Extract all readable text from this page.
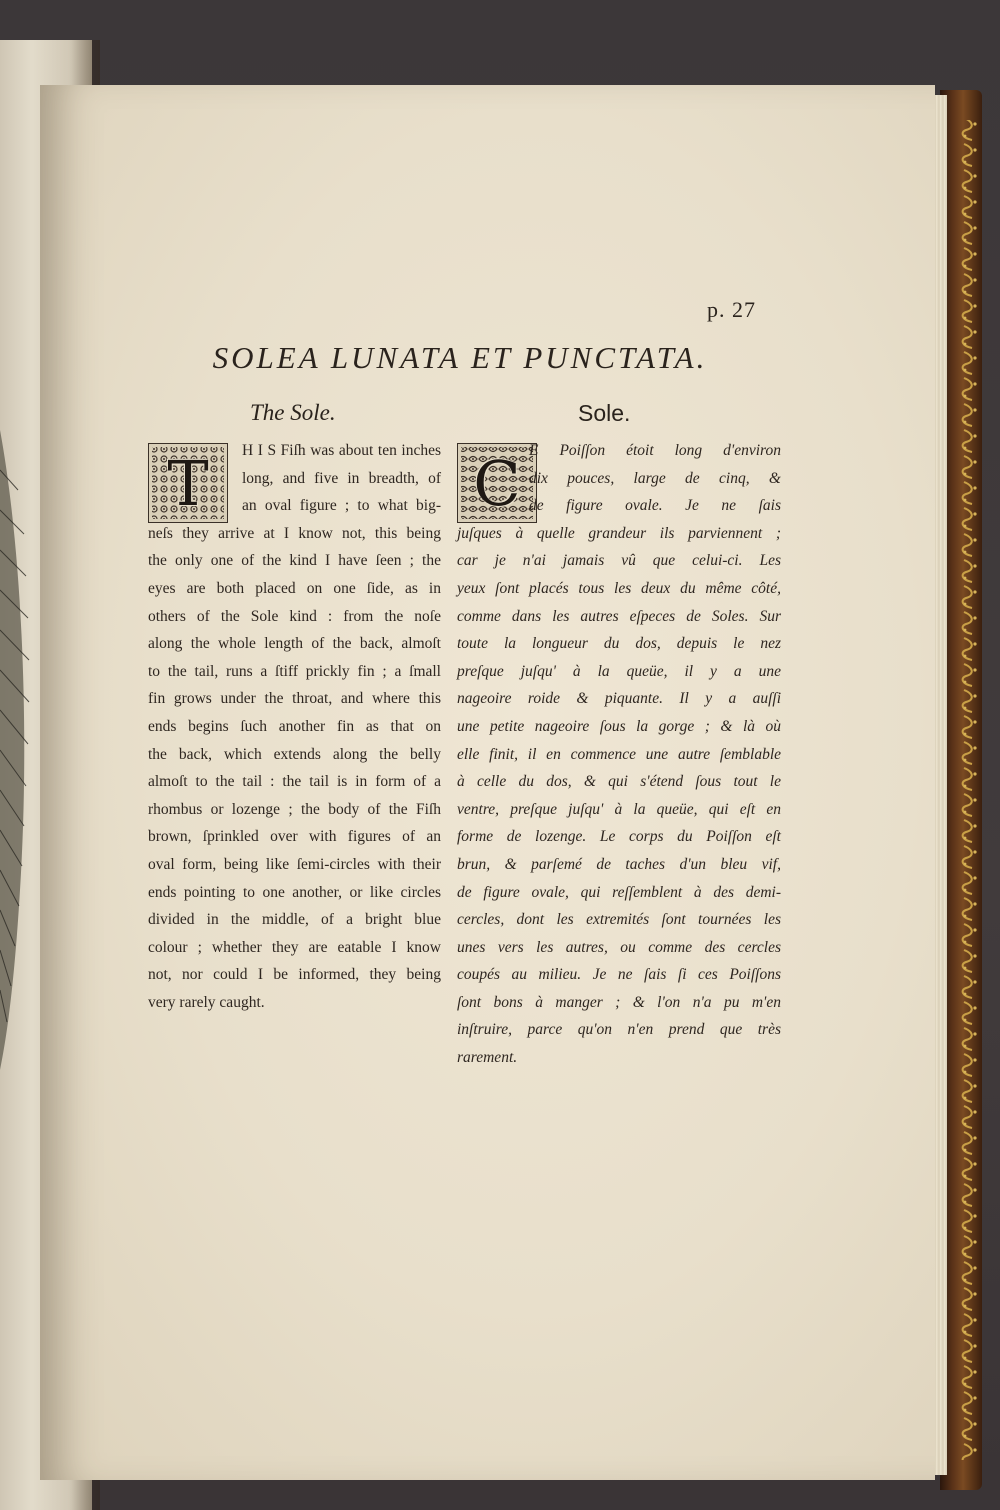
p. 27
SOLEA LUNATA ET PUNCTATA.
The Sole.	Sole.
T	C
H I S Fiſh was about ten inches
long, and five in breadth, of
an oval figure ; to what big-
neſs they arrive at I know not, this being
the only one of the kind I have ſeen ; the
eyes are both placed on one ſide, as in
others of the Sole kind : from the noſe
along the whole length of the back, almoſt
to the tail, runs a ſtiff prickly fin ; a ſmall
fin grows under the throat, and where this
ends begins ſuch another fin as that on
the back, which extends along the belly
almoſt to the tail : the tail is in form of a
rhombus or lozenge ; the body of the Fiſh
brown, ſprinkled over with figures of an
oval form, being like ſemi-circles with their
ends pointing to one another, or like circles
divided in the middle, of a bright blue
colour ; whether they are eatable I know
not, nor could I be informed, they being
very rarely caught.
E Poiſſon étoit long d'environ
dix pouces, large de cinq, &
de figure ovale. Je ne ſais
juſques à quelle grandeur ils parviennent ;
car je n'ai jamais vû que celui-ci. Les
yeux ſont placés tous les deux du même côté,
comme dans les autres eſpeces de Soles. Sur
toute la longueur du dos, depuis le nez
preſque juſqu' à la queüe, il y a une
nageoire roide & piquante. Il y a auſſi
une petite nageoire ſous la gorge ; & là où
elle finit, il en commence une autre ſemblable
à celle du dos, & qui s'étend ſous tout le
ventre, preſque juſqu' à la queüe, qui eſt en
forme de lozenge. Le corps du Poiſſon eſt
brun, & parſemé de taches d'un bleu vif,
de figure ovale, qui reſſemblent à des demi-
cercles, dont les extremités ſont tournées les
unes vers les autres, ou comme des cercles
coupés au milieu. Je ne ſais ſi ces Poiſſons
ſont bons à manger ; & l'on n'a pu m'en
inſtruire, parce qu'on n'en prend que très
rarement.
